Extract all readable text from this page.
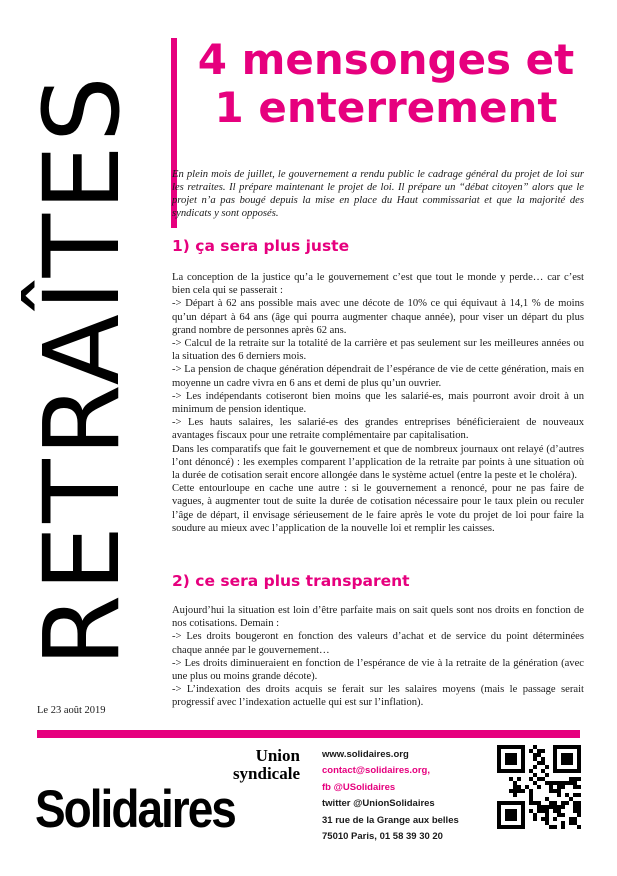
RETRAÎTES
4 mensonges et
1 enterrement
En plein mois de juillet, le gouvernement a rendu public le cadrage général du projet de loi sur les retraites. Il prépare maintenant le projet de loi. Il prépare un “débat citoyen” alors que le projet n’a pas bougé depuis la mise en place du Haut commissariat et que la majorité des syndicats y sont opposés.
1) ça sera plus juste

La conception de la justice qu’a le gouvernement c’est que tout le monde y perde… car c’est bien cela qui se passerait :

-> Départ à 62 ans possible mais avec une décote de 10% ce qui équivaut à 14,1 % de moins qu’un départ à 64 ans (âge qui pourra augmenter chaque année), pour viser un départ du plus grand nombre de personnes après 62 ans.

-> Calcul de la retraite sur la totalité de la carrière et pas seulement sur les meilleures années ou la situation des 6 derniers mois.

-> La pension de chaque génération dépendrait de l’espérance de vie de cette génération, mais en moyenne un cadre vivra en 6 ans et demi de plus qu’un ouvrier.

-> Les indépendants cotiseront bien moins que les salarié-es, mais pourront avoir droit à un minimum de pension identique.

-> Les hauts salaires, les salarié-es des grandes entreprises bénéficieraient de nouveaux avantages fiscaux pour une retraite complémentaire par capitalisation.

Dans les comparatifs que fait le gouvernement et que de nombreux journaux ont relayé (d’autres l’ont dénoncé) : les exemples comparent l’application de la retraite par points à une situation où la durée de cotisation serait encore allongée dans le système actuel (entre la peste et le choléra).

Cette entourloupe en cache une autre : si le gouvernement a renoncé, pour ne pas faire de vagues, à augmenter tout de suite la durée de cotisation nécessaire pour le taux plein ou reculer l’âge de départ, il envisage sérieusement de le faire après le vote du projet de loi pour faire la soudure au mieux avec l’application de la nouvelle loi et remplir les caisses.

2) ce sera plus transparent

Aujourd’hui la situation est loin d’être parfaite mais on sait quels sont nos droits en fonction de nos cotisations. Demain :

-> Les droits bougeront en fonction des valeurs d’achat et de service du point déterminées chaque année par le gouvernement…

-> Les droits diminueraient en fonction de l’espérance de vie à la retraite de la génération (avec une plus ou moins grande décote).

-> L’indexation des droits acquis se ferait sur les salaires moyens (mais le passage serait progressif avec l’indexation actuelle qui est sur l’inflation).

Le 23 août 2019
Union
syndicale
Solidaires
www.solidaires.org
contact@solidaires.org,
fb @USolidaires
twitter @UnionSolidaires
31 rue de la Grange aux belles
75010 Paris, 01 58 39 30 20
